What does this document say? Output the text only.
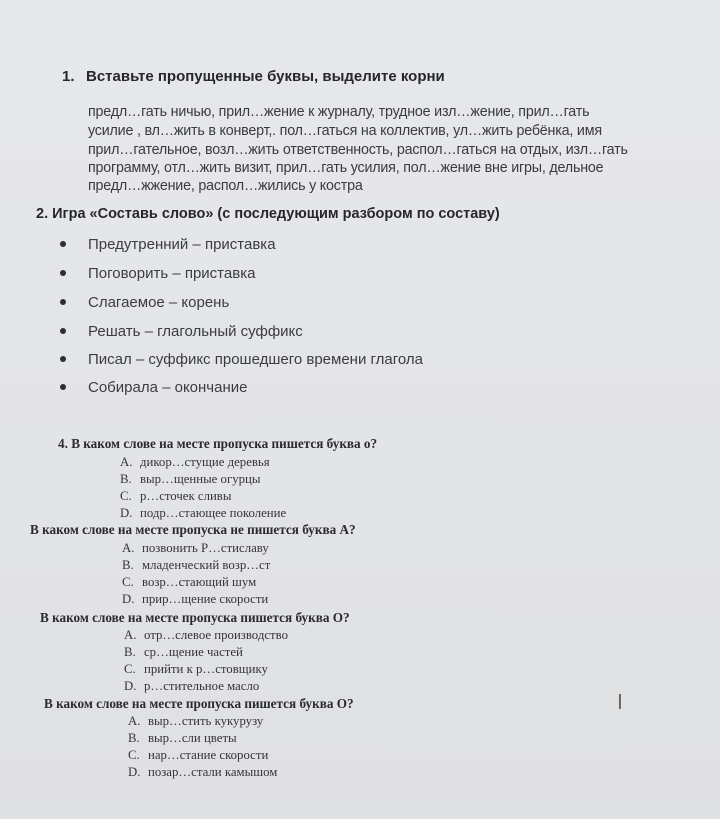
1. Вставьте пропущенные буквы, выделите корни
предл…гать ничью, прил…жение к журналу, трудное изл…жение, прил…гать
усилие , вл…жить в конверт,. пол…гаться на коллектив, ул…жить ребёнка, имя
прил…гательное, возл…жить ответственность, распол…гаться на отдых, изл…гать
программу, отл…жить визит, прил…гать усилия, пол…жение вне игры, дельное
предл…жжение, распол…жились у костра
2. Игра «Составь слово» (с последующим разбором по составу)
Предутренний – приставка
Поговорить – приставка
Слагаемое – корень
Решать – глагольный суффикс
Писал – суффикс прошедшего времени глагола
Собирала – окончание
4. В каком слове на месте пропуска пишется буква о?
А. дикор…стущие деревья
В. выр…щенные огурцы
С. р…сточек сливы
D. подр…стающее поколение
В каком слове на месте пропуска не пишется буква А?
А. позвонить Р…стиславу
В. младенческий возр…ст
С. возр…стающий шум
D. прир…щение скорости
В каком слове на месте пропуска пишется буква О?
А. отр…слевое производство
В. ср…щение частей
С. прийти к р…стовщику
D. р…стительное масло
В каком слове на месте пропуска пишется буква О?
А. выр…стить кукурузу
В. выр…сли цветы
С. нар…стание скорости
D. позар…стали камышом
I
